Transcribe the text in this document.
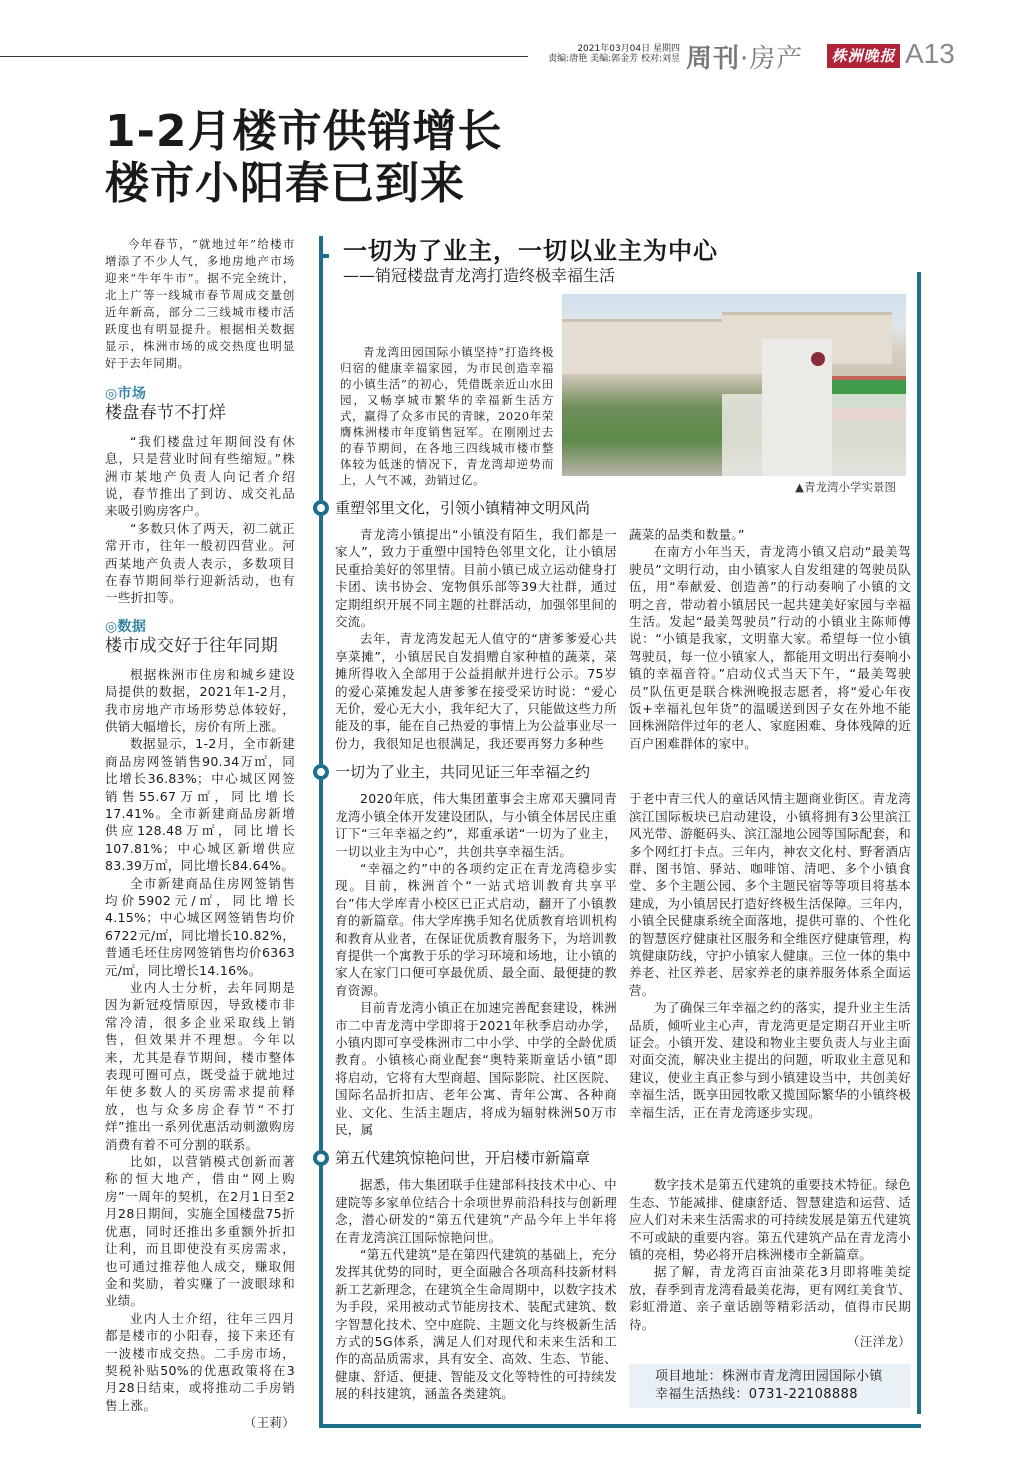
2021年03月04日 星期四
责编:唐艳 美编:郭金芳 校对:刘昱 周刊·房产 株洲晚报 A13
1-2月楼市供销增长
楼市小阳春已到来

今年春节，“就地过年”给楼市增添了不少人气，多地房地产市场迎来“牛年牛市”。据不完全统计，北上广等一线城市春节周成交量创近年新高，部分二三线城市楼市活跃度也有明显提升。根据相关数据显示，株洲市场的成交热度也明显好于去年同期。

◎市场
楼盘春节不打烊

“我们楼盘过年期间没有休息，只是营业时间有些缩短。”株洲市某地产负责人向记者介绍说，春节推出了到访、成交礼品来吸引购房客户。

“多数只休了两天，初二就正常开市，往年一般初四营业。河西某地产负责人表示，多数项目在春节期间举行迎新活动，也有一些折扣等。

◎数据
楼市成交好于往年同期

根据株洲市住房和城乡建设局提供的数据，2021年1-2月，我市房地产市场形势总体较好，供销大幅增长，房价有所上涨。

数据显示，1-2月，全市新建商品房网签销售90.34万㎡，同比增长36.83%；中心城区网签销售55.67万㎡，同比增长17.41%。全市新建商品房新增供应128.48万㎡，同比增长107.81%；中心城区新增供应83.39万㎡，同比增长84.64%。

全市新建商品住房网签销售均价5902元/㎡，同比增长4.15%；中心城区网签销售均价6722元/㎡，同比增长10.82%，普通毛坯住房网签销售均价6363元/㎡，同比增长14.16%。

业内人士分析，去年同期是因为新冠疫情原因，导致楼市非常冷清，很多企业采取线上销售，但效果并不理想。今年以来，尤其是春节期间，楼市整体表现可圈可点，既受益于就地过年使多数人的买房需求提前释放，也与众多房企春节“不打烊”推出一系列优惠活动刺激购房消费有着不可分割的联系。

比如，以营销模式创新而著称的恒大地产，借由“网上购房”一周年的契机，在2月1日至2月28日期间，实施全国楼盘75折优惠，同时还推出多重额外折扣让利，而且即使没有买房需求，也可通过推荐他人成交，赚取佣金和奖励，着实赚了一波眼球和业绩。

业内人士介绍，往年三四月都是楼市的小阳春，接下来还有一波楼市成交热。二手房市场，契税补贴50%的优惠政策将在3月28日结束，或将推动二手房销售上涨。

（王莉）
一切为了业主，一切以业主为中心
——销冠楼盘青龙湾打造终极幸福生活

青龙湾田园国际小镇坚持“打造终极归宿的健康幸福家园，为市民创造幸福的小镇生活”的初心，凭借既亲近山水田园，又畅享城市繁华的幸福新生活方式，赢得了众多市民的青睐，2020年荣膺株洲楼市年度销售冠军。在刚刚过去的春节期间，在各地三四线城市楼市整体较为低迷的情况下，青龙湾却逆势而上，人气不减，劲销过亿。	▲青龙湾小学实景图
重塑邻里文化，引领小镇精神文明风尚

青龙湾小镇提出“小镇没有陌生，我们都是一家人”，致力于重塑中国特色邻里文化，让小镇居民重拾美好的邻里情。目前小镇已成立运动健身打卡团、读书协会、宠物俱乐部等39大社群，通过定期组织开展不同主题的社群活动，加强邻里间的交流。

去年，青龙湾发起无人值守的“唐爹爹爱心共享菜摊”，小镇居民自发捐赠自家种植的蔬菜，菜摊所得收入全部用于公益捐献并进行公示。75岁的爱心菜摊发起人唐爹爹在接受采访时说：“爱心无价，爱心无大小，我年纪大了，只能做这些力所能及的事，能在自己热爱的事情上为公益事业尽一份力，我很知足也很满足，我还要再努力多种些

蔬菜的品类和数量。”

在南方小年当天，青龙湾小镇又启动“最美驾驶员”文明行动，由小镇家人自发组建的驾驶员队伍，用“奉献爱、创造善”的行动奏响了小镇的文明之音，带动着小镇居民一起共建美好家园与幸福生活。发起“最美驾驶员”行动的小镇业主陈师傅说：“小镇是我家，文明靠大家。希望每一位小镇驾驶员，每一位小镇家人，都能用文明出行奏响小镇的幸福音符。”启动仪式当天下午，“最美驾驶员”队伍更是联合株洲晚报志愿者，将“爱心年夜饭+幸福礼包年货”的温暖送到因子女在外地不能回株洲陪伴过年的老人、家庭困难、身体残障的近百户困难群体的家中。

一切为了业主，共同见证三年幸福之约

2020年底，伟大集团董事会主席邓天骥同青龙湾小镇全体开发建设团队，与小镇全体居民庄重订下“三年幸福之约”，郑重承诺“一切为了业主，一切以业主为中心”，共创共享幸福生活。

“幸福之约”中的各项约定正在青龙湾稳步实现。目前，株洲首个“一站式培训教育共享平台”伟大学库青小校区已正式启动，翻开了小镇教育的新篇章。伟大学库携手知名优质教育培训机构和教育从业者，在保证优质教育服务下，为培训教育提供一个寓教于乐的学习环境和场地，让小镇的家人在家门口便可享最优质、最全面、最便捷的教育资源。

目前青龙湾小镇正在加速完善配套建设，株洲市二中青龙湾中学即将于2021年秋季启动办学，小镇内即可享受株洲市二中小学、中学的全龄优质教育。小镇核心商业配套“奥特莱斯童话小镇”即将启动，它将有大型商超、国际影院、社区医院、国际名品折扣店、老年公寓、青年公寓、各种商业、文化、生活主题店，将成为辐射株洲50万市民，属

于老中青三代人的童话风情主题商业街区。青龙湾滨江国际板块已启动建设，小镇将拥有3公里滨江风光带、游艇码头、滨江湿地公园等国际配套，和多个网红打卡点。三年内，神农文化村、野奢酒店群、图书馆、驿站、咖啡馆、清吧、多个小镇食堂、多个主题公园、多个主题民宿等等项目将基本建成，为小镇居民打造好终极生活保障。三年内，小镇全民健康系统全面落地，提供可靠的、个性化的智慧医疗健康社区服务和全维医疗健康管理，构筑健康防线，守护小镇家人健康。三位一体的集中养老、社区养老、居家养老的康养服务体系全面运营。

为了确保三年幸福之约的落实，提升业主生活品质，倾听业主心声，青龙湾更是定期召开业主听证会。小镇开发、建设和物业主要负责人与业主面对面交流，解决业主提出的问题，听取业主意见和建议，使业主真正参与到小镇建设当中，共创美好幸福生活，既享田园牧歌又揽国际繁华的小镇终极幸福生活，正在青龙湾逐步实现。

第五代建筑惊艳问世，开启楼市新篇章

据悉，伟大集团联手住建部科技技术中心、中建院等多家单位结合十余项世界前沿科技与创新理念，潜心研发的“第五代建筑”产品今年上半年将在青龙湾滨江国际惊艳问世。

“第五代建筑”是在第四代建筑的基础上，充分发挥其优势的同时，更全面融合各项高科技新材料新工艺新理念，在建筑全生命周期中，以数字技术为手段，采用被动式节能房技术、装配式建筑、数字智慧化技术、空中庭院、主题文化与终极新生活方式的5G体系，满足人们对现代和未来生活和工作的高品质需求，具有安全、高效、生态、节能、健康、舒适、便捷、智能及文化等特性的可持续发展的科技建筑，涵盖各类建筑。

数字技术是第五代建筑的重要技术特征。绿色生态、节能减排、健康舒适、智慧建造和运营、适应人们对未来生活需求的可持续发展是第五代建筑不可或缺的重要内容。第五代建筑产品在青龙湾小镇的亮相，势必将开启株洲楼市全新篇章。

据了解，青龙湾百亩油菜花3月即将唯美绽放，春季到青龙湾看最美花海，更有网红美食节、彩虹滑道、亲子童话剧等精彩活动，值得市民期待。

（汪洋龙）
项目地址：株洲市青龙湾田园国际小镇
幸福生活热线：0731-22108888
